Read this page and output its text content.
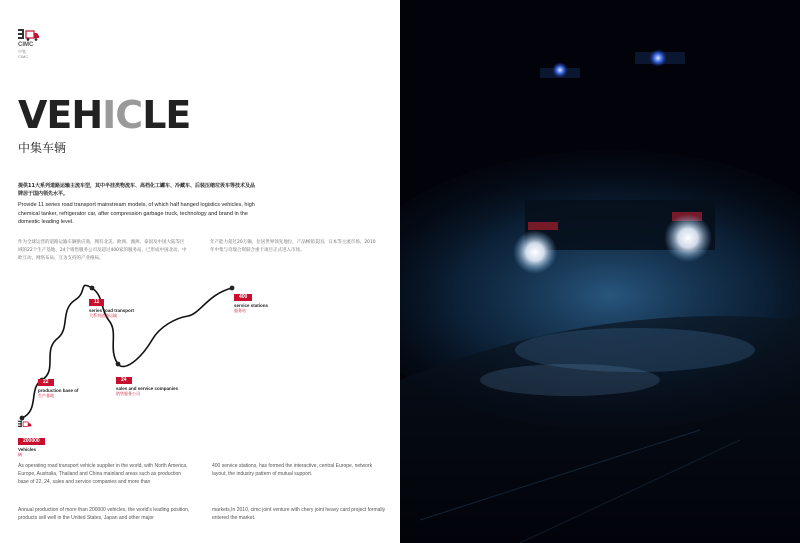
CIMC
中集
CIMC
VEHICLE
中集车辆
提供11大系列道路运输主流车型，其中半挂类物流车、高档化工罐车、冷藏车、后装压缩垃圾车等技术及品牌居于国内领先水平。
Provide 11 series road transport mainstream models, of which half hanged logistics vehicles, high chemical tanker, refrigerator car, after compression garbage truck, technology and brand in the domestic leading level.
作为全球运营的道路运输车辆供应商，拥有北美、欧洲、澳洲、泰国及中国大陆等区域的22个生产基地、24个销售服务公司及超过400家的服务站，已形成中国北动、中欧互动、网络布局、互为支持的产业格局。
年产能力超过20万辆，位居世界领先地位，产品畅销美国、日本等主流市场。2010年中集与奇瑞合资联合重卡项目正式进入市场。
11
series road transport
大系列道路运输
400
service stations
服务站
22
production base of
生产基地
24
sales and service companies
销售服务公司
200000
Vehicles
辆
As operating road transport vehicle supplier in the world, with North America, Europe, Australia, Thailand and China mainland areas such as production base of 22, 24, sales and service companies and more than
400 service stations, has formed the interactive, central Europe, network layout, the industry pattern of mutual support.
Annual production of more than 200000 vehicles, the world's leading position, products sell well in the United States, Japan and other major
markets,In 2010, cimc joint venture with chery joint heavy card project formally entered the market.
